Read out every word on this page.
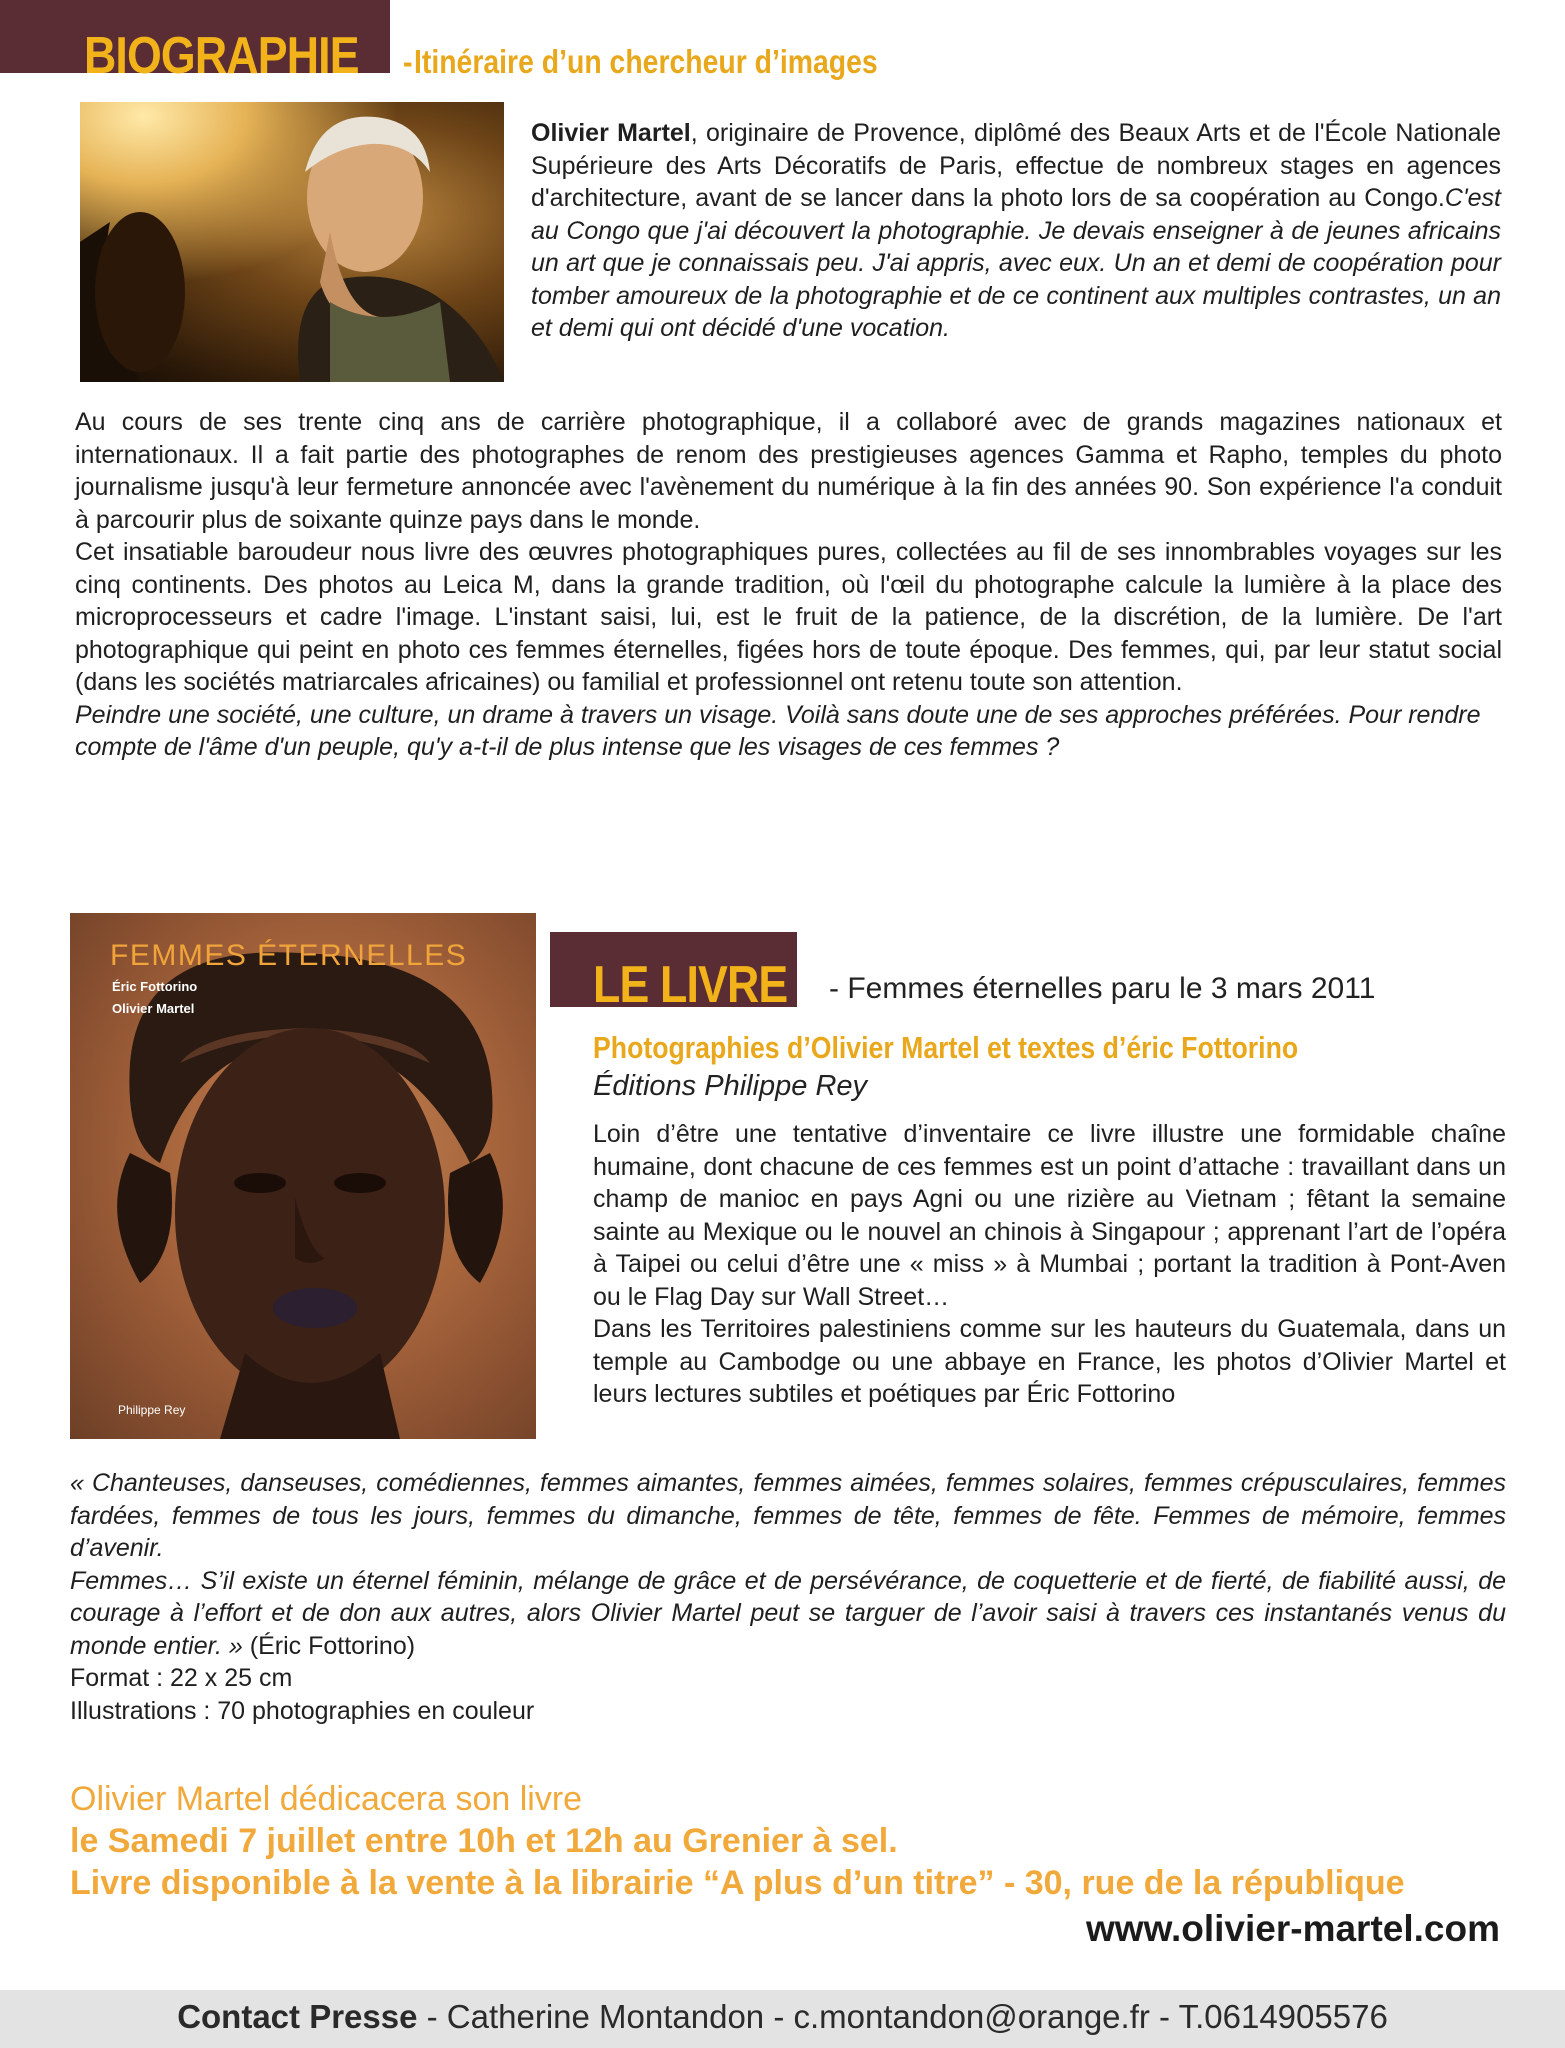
BIOGRAPHIE-Itinéraire d’un chercheur d’images
Olivier Martel, originaire de Provence, diplômé des Beaux Arts et de l'École Nationale Supérieure des Arts Décoratifs de Paris, effectue de nombreux stages en agences d'architecture, avant de se lancer dans la photo lors de sa coopération au Congo.C'est au Congo que j'ai découvert la photographie. Je devais enseigner à de jeunes africains un art que je connaissais peu. J'ai appris, avec eux. Un an et demi de coopération pour tomber amoureux de la photographie et de ce continent aux multiples contrastes, un an et demi qui ont décidé d'une vocation.
Au cours de ses trente cinq ans de carrière photographique, il a collaboré avec de grands magazines nationaux et internationaux. Il a fait partie des photographes de renom des prestigieuses agences Gamma et Rapho, temples du photo journalisme jusqu'à leur fermeture annoncée avec l'avènement du numérique à la fin des années 90. Son expérience l'a conduit à parcourir plus de soixante quinze pays dans le monde.
Cet insatiable baroudeur nous livre des œuvres photographiques pures, collectées au fil de ses innombrables voyages sur les cinq continents. Des photos au Leica M, dans la grande tradition, où l'œil du photographe calcule la lumière à la place des microprocesseurs et cadre l'image. L'instant saisi, lui, est le fruit de la patience, de la discrétion, de la lumière. De l'art photographique qui peint en photo ces femmes éternelles, figées hors de toute époque. Des femmes, qui, par leur statut social (dans les sociétés matriarcales africaines) ou familial et professionnel ont retenu toute son attention.
Peindre une société, une culture, un drame à travers un visage. Voilà sans doute une de ses approches préférées. Pour rendre compte de l'âme d'un peuple, qu'y a-t-il de plus intense que les visages de ces femmes ?
FEMMES ÉTERNELLES
Éric Fottorino
Olivier Martel
Philippe Rey
LE LIVRE - Femmes éternelles paru le 3 mars 2011
Photographies d’Olivier Martel et textes d’éric Fottorino
Éditions Philippe Rey
Loin d’être une tentative d’inventaire ce livre illustre une formidable chaîne humaine, dont chacune de ces femmes est un point d’attache : travaillant dans un champ de manioc en pays Agni ou une rizière au Vietnam ; fêtant la semaine sainte au Mexique ou le nouvel an chinois à Singapour ; apprenant l’art de l’opéra à Taipei ou celui d’être une « miss » à Mumbai ; portant la tradition à Pont-Aven ou le Flag Day sur Wall Street…
Dans les Territoires palestiniens comme sur les hauteurs du Guatemala, dans un temple au Cambodge ou une abbaye en France, les photos d’Olivier Martel et leurs lectures subtiles et poétiques par Éric Fottorino
« Chanteuses, danseuses, comédiennes, femmes aimantes, femmes aimées, femmes solaires, femmes crépusculaires, femmes fardées, femmes de tous les jours, femmes du dimanche, femmes de tête, femmes de fête. Femmes de mémoire, femmes d’avenir.
Femmes… S’il existe un éternel féminin, mélange de grâce et de persévérance, de coquetterie et de fierté, de fiabilité aussi, de courage à l’effort et de don aux autres, alors Olivier Martel peut se targuer de l’avoir saisi à travers ces instantanés venus du monde entier. » (Éric Fottorino)
Format : 22 x 25 cm
Illustrations : 70 photographies en couleur
Olivier Martel dédicacera son livre
le Samedi 7 juillet entre 10h et 12h au Grenier à sel.
Livre disponible à la vente à la librairie “A plus d’un titre” - 30, rue de la république
www.olivier-martel.com
Contact Presse - Catherine Montandon - c.montandon@orange.fr - T.0614905576
